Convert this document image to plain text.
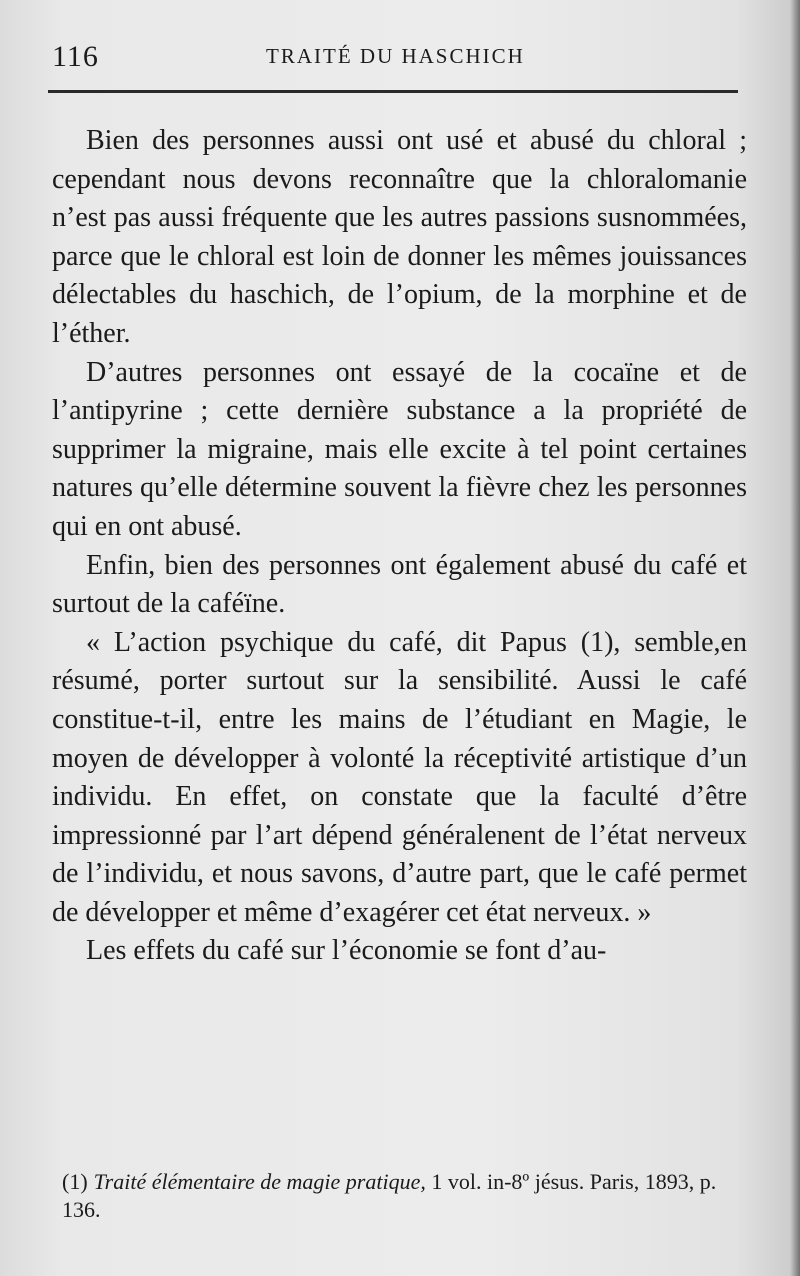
116	TRAITÉ DU HASCHICH

Bien des personnes aussi ont usé et abusé du chloral ; cependant nous devons reconnaître que la chloralomanie n’est pas aussi fréquente que les autres passions susnommées, parce que le chloral est loin de donner les mêmes jouissances délectables du haschich, de l’opium, de la morphine et de l’éther.

D’autres personnes ont essayé de la cocaïne et de l’antipyrine ; cette dernière substance a la propriété de supprimer la migraine, mais elle excite à tel point certaines natures qu’elle détermine souvent la fièvre chez les personnes qui en ont abusé.

Enfin, bien des personnes ont également abusé du café et surtout de la caféïne.

« L’action psychique du café, dit Papus (1), semble,en résumé, porter surtout sur la sensibilité. Aussi le café constitue-t-il, entre les mains de l’étudiant en Magie, le moyen de développer à volonté la réceptivité artistique d’un individu. En effet, on constate que la faculté d’être impressionné par l’art dépend généralenent de l’état nerveux de l’individu, et nous savons, d’autre part, que le café permet de développer et même d’exagérer cet état nerveux. »

Les effets du café sur l’économie se font d’au-

(1) Traité élémentaire de magie pratique, 1 vol. in-8º jésus. Paris, 1893, p. 136.
